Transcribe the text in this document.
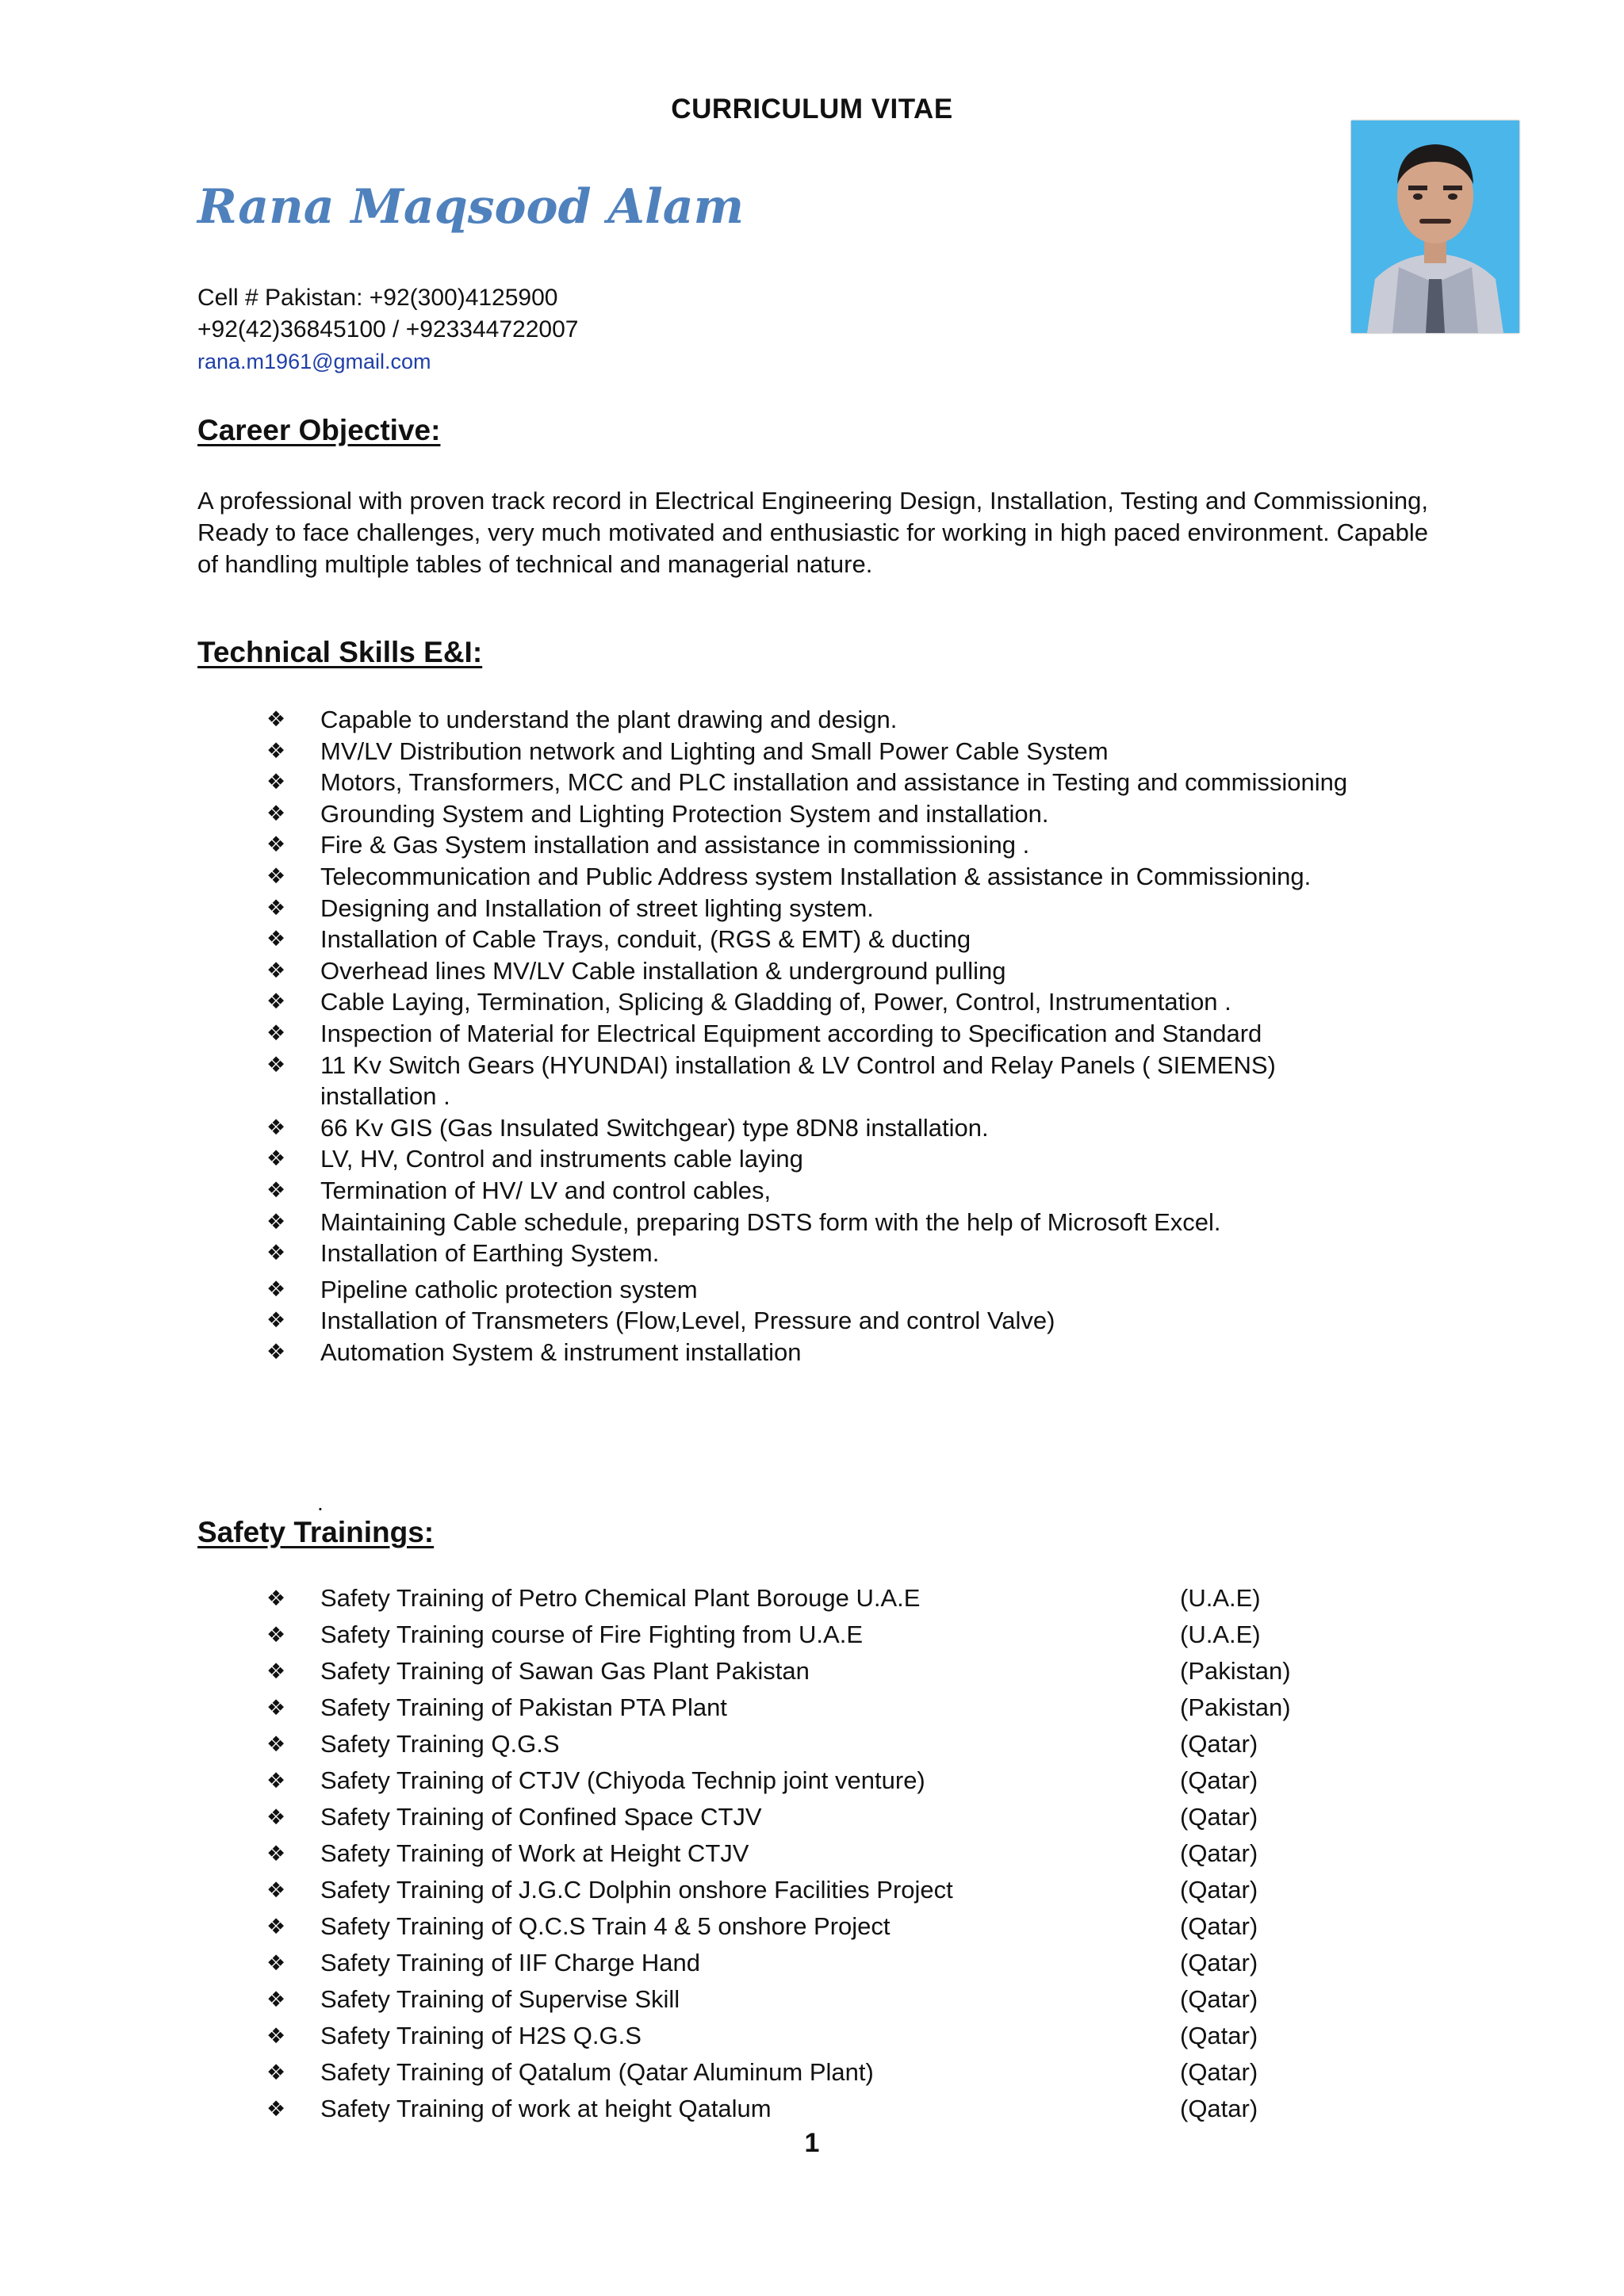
CURRICULUM VITAE
Rana Maqsood Alam
Cell # Pakistan: +92(300)4125900
+92(42)36845100 / +923344722007
rana.m1961@gmail.com
Career Objective:
A professional with proven track record in Electrical Engineering Design, Installation, Testing and Commissioning, Ready to face challenges, very much motivated and enthusiastic for working in high paced environment. Capable of handling multiple tables of technical and managerial nature.
Technical Skills E&I:
❖	Capable to understand the plant drawing and design.
❖	MV/LV Distribution network and Lighting and Small Power Cable System
❖	Motors, Transformers, MCC and PLC installation and assistance in Testing and commissioning
❖	Grounding System and Lighting Protection System and installation.
❖	Fire & Gas System installation and assistance in commissioning .
❖	Telecommunication and Public Address system Installation & assistance in Commissioning.
❖	Designing and Installation of street lighting system.
❖	Installation of Cable Trays, conduit, (RGS & EMT) & ducting
❖	Overhead lines MV/LV Cable installation & underground pulling
❖	Cable Laying, Termination, Splicing & Gladding of, Power, Control, Instrumentation .
❖	Inspection of Material for Electrical Equipment according to Specification and Standard
❖	11 Kv Switch Gears (HYUNDAI) installation & LV Control and Relay Panels ( SIEMENS) installation .
❖	66 Kv GIS (Gas Insulated Switchgear) type 8DN8 installation.
❖	LV, HV, Control and instruments cable laying
❖	Termination of HV/ LV and control cables,
❖	Maintaining Cable schedule, preparing DSTS form with the help of Microsoft Excel.
❖	Installation of Earthing System.
❖	Pipeline catholic protection system
❖	Installation of Transmeters (Flow,Level, Pressure and control Valve)
❖	Automation System & instrument installation
.
Safety Trainings:
❖	Safety Training of Petro Chemical Plant Borouge U.A.E	(U.A.E)
❖	Safety Training course of Fire Fighting from U.A.E	(U.A.E)
❖	Safety Training of Sawan Gas Plant Pakistan	(Pakistan)
❖	Safety Training of Pakistan PTA Plant	(Pakistan)
❖	Safety Training Q.G.S	(Qatar)
❖	Safety Training of CTJV (Chiyoda Technip joint venture)	(Qatar)
❖	Safety Training of Confined Space CTJV	(Qatar)
❖	Safety Training of Work at Height CTJV	(Qatar)
❖	Safety Training of J.G.C Dolphin onshore Facilities Project	(Qatar)
❖	Safety Training of Q.C.S Train 4 & 5 onshore Project	(Qatar)
❖	Safety Training of IIF Charge Hand	(Qatar)
❖	Safety Training of Supervise Skill	(Qatar)
❖	Safety Training of H2S Q.G.S	(Qatar)
❖	Safety Training of Qatalum (Qatar Aluminum Plant)	(Qatar)
❖	Safety Training of work at height Qatalum	(Qatar)
1
